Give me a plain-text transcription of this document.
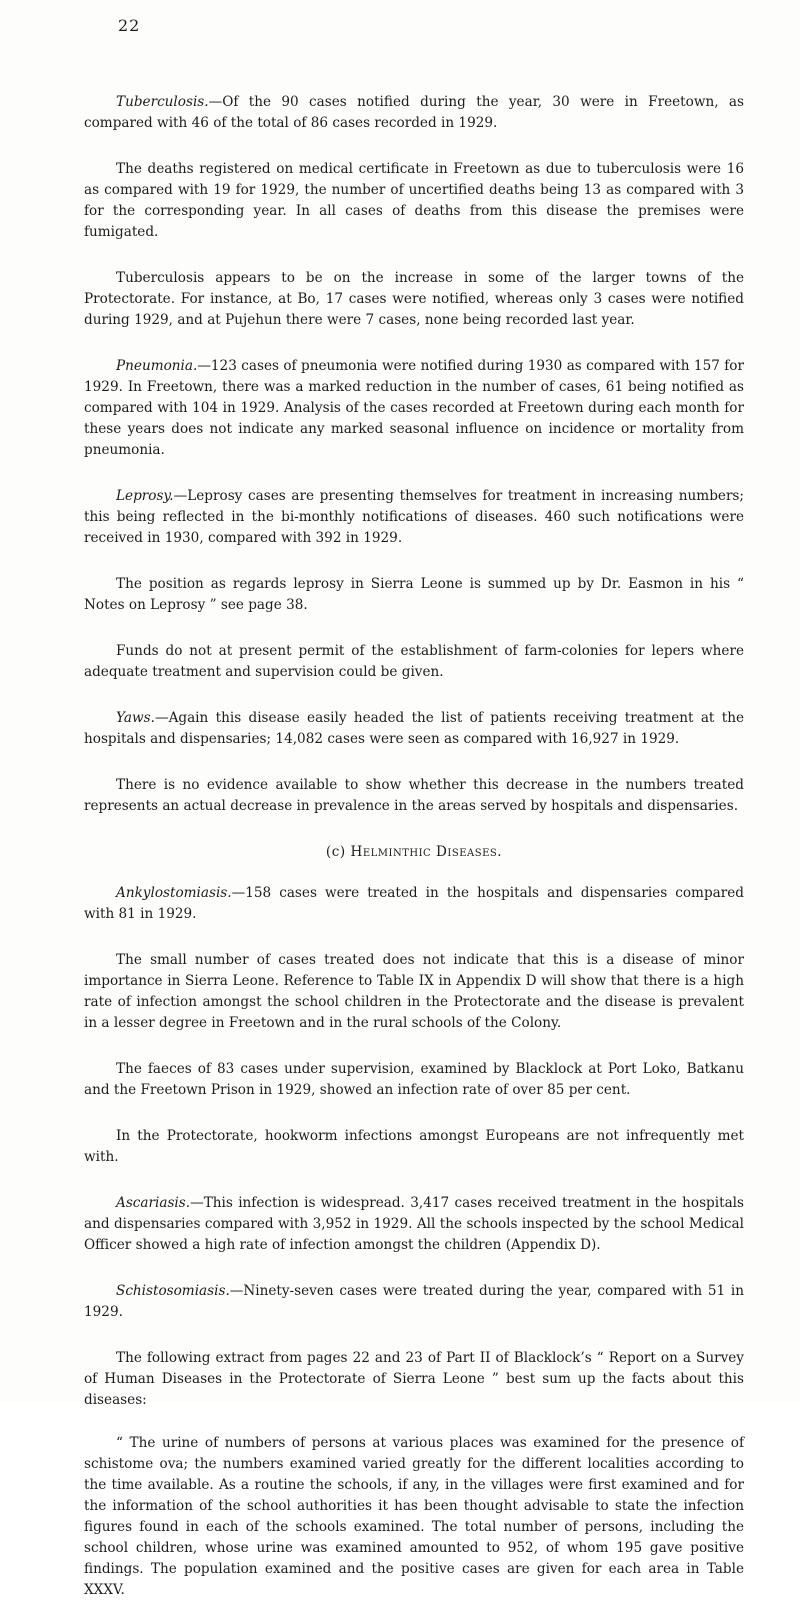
22

Tuberculosis.—Of the 90 cases notified during the year, 30 were in Freetown, as compared with 46 of the total of 86 cases recorded in 1929.

The deaths registered on medical certificate in Freetown as due to tuberculosis were 16 as compared with 19 for 1929, the number of uncertified deaths being 13 as compared with 3 for the corresponding year. In all cases of deaths from this disease the premises were fumigated.

Tuberculosis appears to be on the increase in some of the larger towns of the Protectorate. For instance, at Bo, 17 cases were notified, whereas only 3 cases were notified during 1929, and at Pujehun there were 7 cases, none being recorded last year.

Pneumonia.—123 cases of pneumonia were notified during 1930 as compared with 157 for 1929. In Freetown, there was a marked reduction in the number of cases, 61 being notified as compared with 104 in 1929. Analysis of the cases recorded at Freetown during each month for these years does not indicate any marked seasonal influence on incidence or mortality from pneumonia.

Leprosy.—Leprosy cases are presenting themselves for treatment in increasing numbers; this being reflected in the bi-monthly notifications of diseases. 460 such notifications were received in 1930, compared with 392 in 1929.

The position as regards leprosy in Sierra Leone is summed up by Dr. Easmon in his “ Notes on Leprosy ” see page 38.

Funds do not at present permit of the establishment of farm-colonies for lepers where adequate treatment and supervision could be given.

Yaws.—Again this disease easily headed the list of patients receiving treatment at the hospitals and dispensaries; 14,082 cases were seen as compared with 16,927 in 1929.

There is no evidence available to show whether this decrease in the numbers treated represents an actual decrease in prevalence in the areas served by hospitals and dispensaries.

(c) Helminthic Diseases.

Ankylostomiasis.—158 cases were treated in the hospitals and dispensaries compared with 81 in 1929.

The small number of cases treated does not indicate that this is a disease of minor importance in Sierra Leone. Reference to Table IX in Appendix D will show that there is a high rate of infection amongst the school children in the Protectorate and the disease is prevalent in a lesser degree in Freetown and in the rural schools of the Colony.

The faeces of 83 cases under supervision, examined by Blacklock at Port Loko, Batkanu and the Freetown Prison in 1929, showed an infection rate of over 85 per cent.

In the Protectorate, hookworm infections amongst Europeans are not infrequently met with.

Ascariasis.—This infection is widespread. 3,417 cases received treatment in the hospitals and dispensaries compared with 3,952 in 1929. All the schools inspected by the school Medical Officer showed a high rate of infection amongst the children (Appendix D).

Schistosomiasis.—Ninety-seven cases were treated during the year, compared with 51 in 1929.

The following extract from pages 22 and 23 of Part II of Blacklock’s “ Report on a Survey of Human Diseases in the Protectorate of Sierra Leone ” best sum up the facts about this diseases:

“ The urine of numbers of persons at various places was examined for the presence of schistome ova; the numbers examined varied greatly for the different localities according to the time available. As a routine the schools, if any, in the villages were first examined and for the information of the school authorities it has been thought advisable to state the infection figures found in each of the schools examined. The total number of persons, including the school children, whose urine was examined amounted to 952, of whom 195 gave positive findings. The population examined and the positive cases are given for each area in Table XXXV.
